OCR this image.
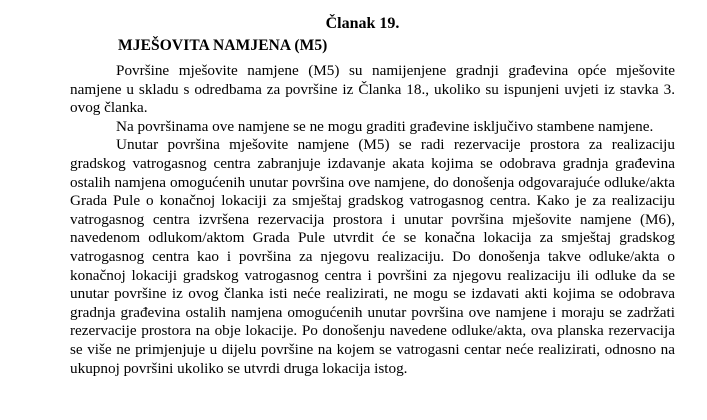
Članak 19.
MJEŠOVITA NAMJENA (M5)

Površine mješovite namjene (M5) su namijenjene gradnji građevina opće mješovite namjene u skladu s odredbama za površine iz Članka 18., ukoliko su ispunjeni uvjeti iz stavka 3. ovog članka.

Na površinama ove namjene se ne mogu graditi građevine isključivo stambene namjene.

Unutar površina mješovite namjene (M5) se radi rezervacije prostora za realizaciju gradskog vatrogasnog centra zabranjuje izdavanje akata kojima se odobrava gradnja građevina ostalih namjena omogućenih unutar površina ove namjene, do donošenja odgovarajuće odluke/akta Grada Pule o konačnoj lokaciji za smještaj gradskog vatrogasnog centra. Kako je za realizaciju vatrogasnog centra izvršena rezervacija prostora i unutar površina mješovite namjene (M6), navedenom odlukom/aktom Grada Pule utvrdit će se konačna lokacija za smještaj gradskog vatrogasnog centra kao i površina za njegovu realizaciju. Do donošenja takve odluke/akta o konačnoj lokaciji gradskog vatrogasnog centra i površini za njegovu realizaciju ili odluke da se unutar površine iz ovog članka isti neće realizirati, ne mogu se izdavati akti kojima se odobrava gradnja građevina ostalih namjena omogućenih unutar površina ove namjene i moraju se zadržati rezervacije prostora na obje lokacije. Po donošenju navedene odluke/akta, ova planska rezervacija se više ne primjenjuje u dijelu površine na kojem se vatrogasni centar neće realizirati, odnosno na ukupnoj površini ukoliko se utvrdi druga lokacija istog.
